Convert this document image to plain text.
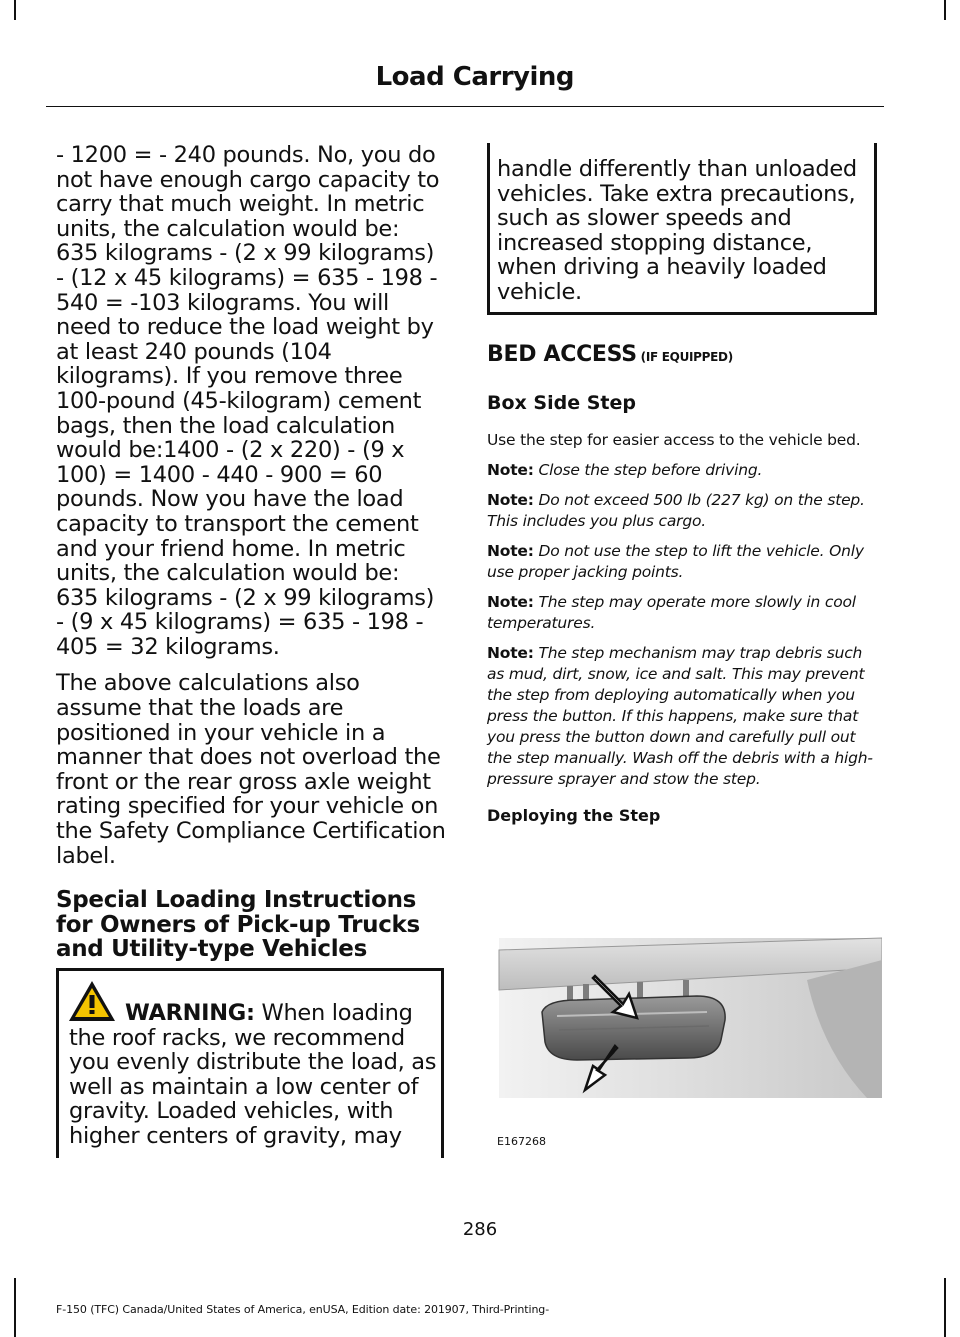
Load Carrying

- 1200 = - 240 pounds. No, you do not have enough cargo capacity to carry that much weight. In metric units, the calculation would be: 635 kilograms - (2 x 99 kilograms) - (12 x 45 kilograms) = 635 - 198 - 540 = -103 kilograms. You will need to reduce the load weight by at least 240 pounds (104 kilograms). If you remove three 100-pound (45-kilogram) cement bags, then the load calculation would be:1400 - (2 x 220) - (9 x 100) = 1400 - 440 - 900 = 60 pounds. Now you have the load capacity to transport the cement and your friend home. In metric units, the calculation would be: 635 kilograms - (2 x 99 kilograms) - (9 x 45 kilograms) = 635 - 198 - 405 = 32 kilograms.

The above calculations also assume that the loads are positioned in your vehicle in a manner that does not overload the front or the rear gross axle weight rating specified for your vehicle on the Safety Compliance Certification label.

Special Loading Instructions for Owners of Pick-up Trucks and Utility-type Vehicles
WARNING: When loading the roof racks, we recommend you evenly distribute the load, as well as maintain a low center of gravity. Loaded vehicles, with higher centers of gravity, may
handle differently than unloaded vehicles. Take extra precautions, such as slower speeds and increased stopping distance, when driving a heavily loaded vehicle.
BED ACCESS (IF EQUIPPED)
Box Side Step
Use the step for easier access to the vehicle bed.
Note: Close the step before driving.
Note: Do not exceed 500 lb (227 kg) on the step. This includes you plus cargo.
Note: Do not use the step to lift the vehicle. Only use proper jacking points.
Note: The step may operate more slowly in cool temperatures.
Note: The step mechanism may trap debris such as mud, dirt, snow, ice and salt. This may prevent the step from deploying automatically when you press the button. If this happens, make sure that you press the button down and carefully pull out the step manually. Wash off the debris with a high-pressure sprayer and stow the step.
Deploying the Step
E167268
286
F-150 (TFC) Canada/United States of America, enUSA, Edition date: 201907, Third-Printing-
